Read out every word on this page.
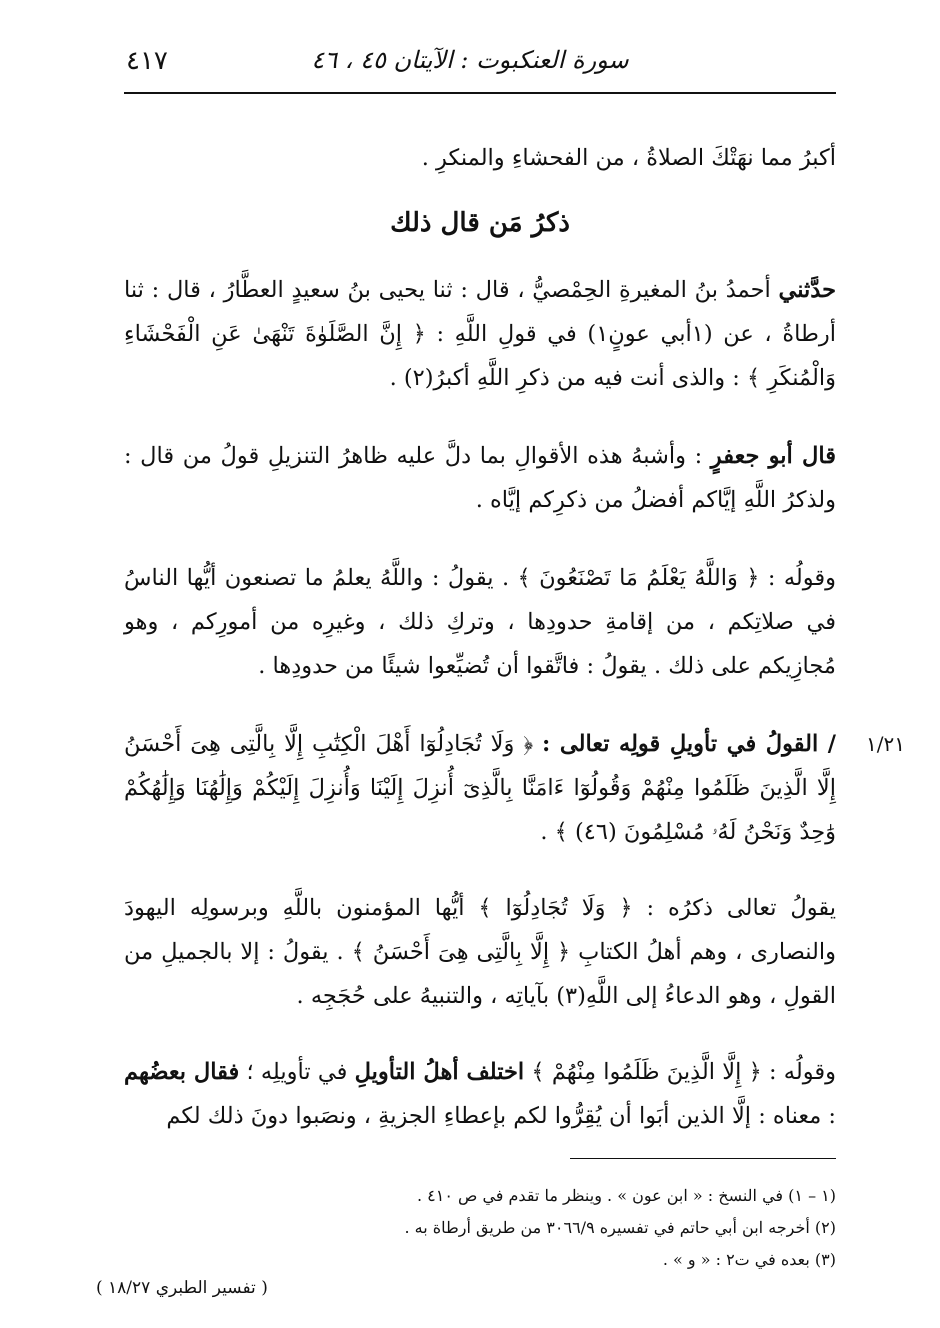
٤١٧	سورة العنكبوت : الآيتان ٤٥ ، ٤٦
أكبرُ مما نهَتْكَ الصلاةُ ، من الفحشاءِ والمنكرِ .
ذكرُ مَن قال ذلك
حدَّثني أحمدُ بنُ المغيرةِ الحِمْصيُّ ، قال : ثنا يحيى بنُ سعيدٍ العطَّارُ ، قال : ثنا أرطاةُ ، عن (١أبي عونٍ١) في قولِ اللَّهِ : ﴿ إِنَّ الصَّلَوٰةَ تَنْهَىٰ عَنِ الْفَحْشَاءِ وَالْمُنكَرِ ﴾ : والذى أنت فيه من ذكرِ اللَّهِ أكبرُ(٢) .
قال أبو جعفرٍ : وأشبهُ هذه الأقوالِ بما دلَّ عليه ظاهرُ التنزيلِ قولُ من قال : ولذكرُ اللَّهِ إيَّاكم أفضلُ من ذكرِكم إيَّاه .
وقولُه : ﴿ وَاللَّهُ يَعْلَمُ مَا تَصْنَعُونَ ﴾ . يقولُ : واللَّهُ يعلمُ ما تصنعون أيُّها الناسُ في صلاتِكم ، من إقامةِ حدودِها ، وتركِ ذلك ، وغيرِه من أمورِكم ، وهو مُجازِيكم على ذلك . يقولُ : فاتَّقوا أن تُضيِّعوا شيئًا من حدودِها .
١/٢١
/ القولُ في تأويلِ قولِه تعالى : ﴿ وَلَا تُجَادِلُوٓا أَهْلَ الْكِتَٰبِ إِلَّا بِالَّتِى هِىَ أَحْسَنُ إِلَّا الَّذِينَ ظَلَمُوا مِنْهُمْ وَقُولُوٓا ءَامَنَّا بِالَّذِىٓ أُنزِلَ إِلَيْنَا وَأُنزِلَ إِلَيْكُمْ وَإِلَٰهُنَا وَإِلَٰهُكُمْ وَٰحِدٌ وَنَحْنُ لَهُۥ مُسْلِمُونَ (٤٦) ﴾ .
يقولُ تعالى ذكرُه : ﴿ وَلَا تُجَادِلُوٓا ﴾ أيُّها المؤمنون باللَّهِ وبرسولِه اليهودَ والنصارى ، وهم أهلُ الكتابِ ﴿ إِلَّا بِالَّتِى هِىَ أَحْسَنُ ﴾ . يقولُ : إلا بالجميلِ من القولِ ، وهو الدعاءُ إلى اللَّهِ(٣) بآياتِه ، والتنبيهُ على حُجَجِه .
وقولُه : ﴿ إِلَّا الَّذِينَ ظَلَمُوا مِنْهُمْ ﴾ اختلف أهلُ التأويلِ في تأويلِه ؛ فقال بعضُهم : معناه : إلَّا الذين أبَوا أن يُقِرُّوا لكم بإعطاءِ الجزيةِ ، ونصَبوا دونَ ذلك لكم
(١ – ١) في النسخ : « ابن عون » . وينظر ما تقدم في ص ٤١٠ .
(٢) أخرجه ابن أبي حاتم في تفسيره ٣٠٦٦/٩ من طريق أرطاة به .
(٣) بعده في ت٢ : « و » .
( تفسير الطبري ١٨/٢٧ )
